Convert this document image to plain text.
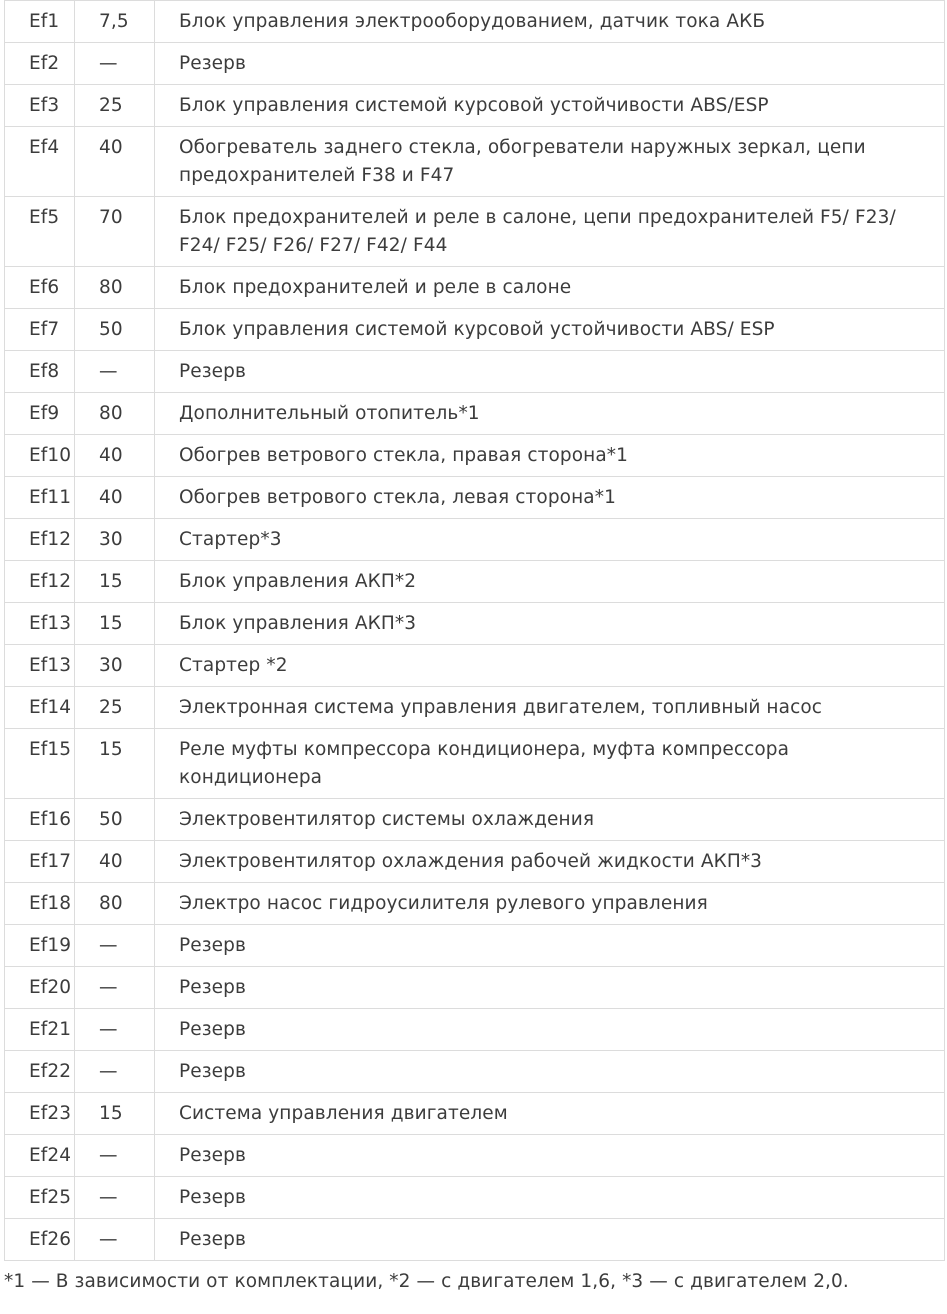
Ef1	7,5	Блок управления электрооборудованием, датчик тока АКБ
Ef2	—	Резерв
Ef3	25	Блок управления системой курсовой устойчивости ABS/ESP
Ef4	40	Обогреватель заднего стекла, обогреватели наружных зеркал, цепи предохранителей F38 и F47
Ef5	70	Блок предохранителей и реле в салоне, цепи предохранителей F5/ F23/ F24/ F25/ F26/ F27/ F42/ F44
Ef6	80	Блок предохранителей и реле в салоне
Ef7	50	Блок управления системой курсовой устойчивости ABS/ ESP
Ef8	—	Резерв
Ef9	80	Дополнительный отопитель*1
Ef10	40	Обогрев ветрового стекла, правая сторона*1
Ef11	40	Обогрев ветрового стекла, левая сторона*1
Ef12	30	Стартер*3
Ef12	15	Блок управления АКП*2
Ef13	15	Блок управления АКП*3
Ef13	30	Стартер *2
Ef14	25	Электронная система управления двигателем, топливный насос
Ef15	15	Реле муфты компрессора кондиционера, муфта компрессора кондиционера
Ef16	50	Электровентилятор системы охлаждения
Ef17	40	Электровентилятор охлаждения рабочей жидкости АКП*3
Ef18	80	Электро насос гидроусилителя рулевого управления
Ef19	—	Резерв
Ef20	—	Резерв
Ef21	—	Резерв
Ef22	—	Резерв
Ef23	15	Система управления двигателем
Ef24	—	Резерв
Ef25	—	Резерв
Ef26	—	Резерв
*1 — В зависимости от комплектации, *2 — с двигателем 1,6, *3 — с двигателем 2,0.
